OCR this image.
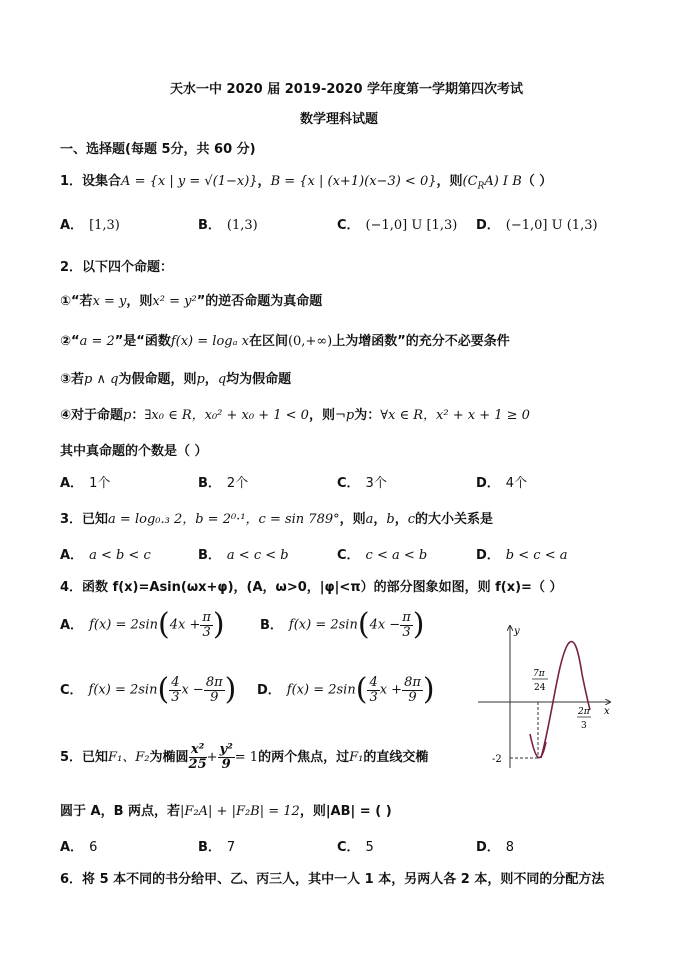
天水一中 2020 届 2019-2020 学年度第一学期第四次考试
数学理科试题
一、选择题(每题 5分，共 60 分)
1．设集合A = {x | y = √(1−x)}，B = {x | (x+1)(x−3) < 0}，则$(C_RA)$ I B（ ）
A． [1,3)	B． (1,3)	C． (−1,0] U [1,3) D． (−1,0] U (1,3)
2．以下四个命题：
①“若x = y，则x² = y²”的逆否命题为真命题
②“a = 2”是“函数f(x) = logₐ x在区间(0,+∞)上为增函数”的充分不必要条件
③若p ∧ q为假命题，则p，q均为假命题
④对于命题p：∃x₀ ∈ R，x₀² + x₀ + 1 < 0，则¬p为：∀x ∈ R，x² + x + 1 ≥ 0
其中真命题的个数是（ ）
A． 1个	B． 2个	C． 3个	D． 4个
3．已知a = log₀.₃ 2，b = 2⁰·¹，c = sin 789°，则a，b，c的大小关系是
A． a < b < c	B． a < c < b	C． c < a < b	D． b < c < a
4．函数 f(x)=Asin(ωx+φ)，(A，ω>0，|φ|<π）的部分图象如图，则 f(x)=（ ）
A． $f(x) = 2\sin(4x + \frac{\pi}{3}$ )	B． $f(x) = 2\sin(4x - \frac{\pi}{3}$ )
C． $f(x) = 2\sin( \frac{4}{3}$ $x - \frac{8\pi}{9}$ ) D． $f(x) = 2\sin( \frac{4}{3}$ $x + \frac{8\pi}{9}$ )
y
x
7π
24
2π
3
-2
5．已知F₁、F₂为椭圆 $\frac{\text{x²}}{25} + \frac{\text{y²}}{9} = 1$的两个焦点，过F₁的直线交椭
圆于 A，B 两点，若|F₂A| + |F₂B| = 12，则|AB| = ( )
A． 6	B． 7	C． 5	D． 8
6．将 5 本不同的书分给甲、乙、丙三人，其中一人 1 本，另两人各 2 本，则不同的分配方法
